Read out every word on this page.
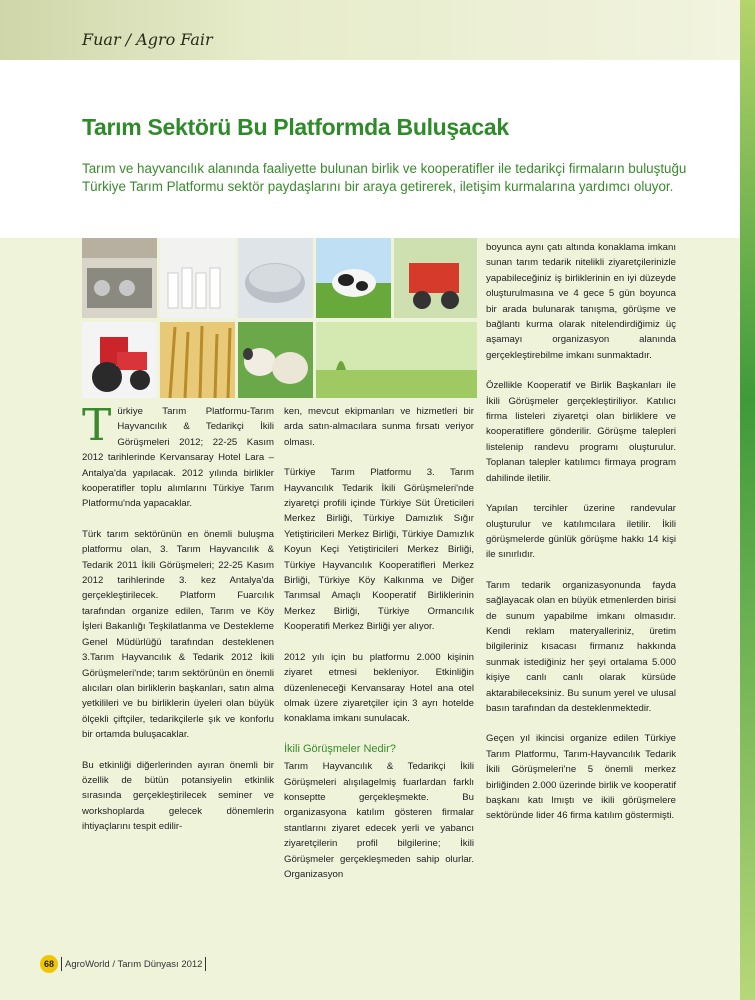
Fuar / Agro Fair
Tarım Sektörü Bu Platformda Buluşacak

Tarım ve hayvancılık alanında faaliyette bulunan birlik ve kooperatifler ile tedarikçi firmaların buluştuğu Türkiye Tarım Platformu sektör paydaşlarını bir araya getirerek, iletişim kurmalarına yardımcı oluyor.

Türkiye Tarım Platformu-Tarım Hayvancılık & Tedarikçi İkili Görüşmeleri 2012; 22-25 Kasım 2012 tarihlerinde Kervansaray Hotel Lara – Antalya'da yapılacak. 2012 yılında birlikler kooperatifler toplu alımlarını Türkiye Tarım Platformu'nda yapacaklar.

Türk tarım sektörünün en önemli buluşma platformu olan, 3. Tarım Hayvancılık & Tedarik 2011 İkili Görüşmeleri; 22-25 Kasım 2012 tarihlerinde 3. kez Antalya'da gerçekleştirilecek. Platform Fuarcılık tarafından organize edilen, Tarım ve Köy İşleri Bakanlığı Teşkilatlanma ve Destekleme Genel Müdürlüğü tarafından desteklenen 3.Tarım Hayvancılık & Tedarik 2012 İkili Görüşmeleri'nde; tarım sektörünün en önemli alıcıları olan birliklerin başkanları, satın alma yetkilileri ve bu birliklerin üyeleri olan büyük ölçekli çiftçiler, tedarikçilerle şık ve konforlu bir ortamda buluşacaklar.

Bu etkinliği diğerlerinden ayıran önemli bir özellik de bütün potansiyelin etkinlik sırasında gerçekleştirilecek seminer ve workshoplarda gelecek dönemlerin ihtiyaçlarını tespit edilir-

ken, mevcut ekipmanları ve hizmetleri bir arda satın-almacılara sunma fırsatı veriyor olması.

Türkiye Tarım Platformu 3. Tarım Hayvancılık Tedarik İkili Görüşmeleri'nde ziyaretçi profili içinde Türkiye Süt Üreticileri Merkez Birliği, Türkiye Damızlık Sığır Yetiştiricileri Merkez Birliği, Türkiye Damızlık Koyun Keçi Yetiştiricileri Merkez Birliği, Türkiye Hayvancılık Kooperatifleri Merkez Birliği, Türkiye Köy Kalkınma ve Diğer Tarımsal Amaçlı Kooperatif Birliklerinin Merkez Birliği, Türkiye Ormancılık Kooperatifi Merkez Birliği yer alıyor.

2012 yılı için bu platformu 2.000 kişinin ziyaret etmesi bekleniyor. Etkinliğin düzenleneceği Kervansaray Hotel ana otel olmak üzere ziyaretçiler için 3 ayrı hotelde konaklama imkanı sunulacak.

İkili Görüşmeler Nedir?

Tarım Hayvancılık & Tedarikçi İkili Görüşmeleri alışılagelmiş fuarlardan farklı konseptte gerçekleşmekte. Bu organizasyona katılım gösteren firmalar stantlarını ziyaret edecek yerli ve yabancı ziyaretçilerin profil bilgilerine; İkili Görüşmeler gerçekleşmeden sahip olurlar. Organizasyon

boyunca aynı çatı altında konaklama imkanı sunan tarım tedarik nitelikli ziyaretçilerinizle yapabileceğiniz iş birliklerinin en iyi düzeyde oluşturulmasına ve 4 gece 5 gün boyunca bir arada bulunarak tanışma, görüşme ve bağlantı kurma olarak nitelendirdiğimiz üç aşamayı organizasyon alanında gerçekleştirebilme imkanı sunmaktadır.

Özellikle Kooperatif ve Birlik Başkanları ile İkili Görüşmeler gerçekleştiriliyor. Katılıcı firma listeleri ziyaretçi olan birliklere ve kooperatiflere gönderilir. Görüşme talepleri listelenip randevu programı oluşturulur. Toplanan talepler katılımcı firmaya program dahilinde iletilir.

Yapılan tercihler üzerine randevular oluşturulur ve katılımcılara iletilir. İkili görüşmelerde günlük görüşme hakkı 14 kişi ile sınırlıdır.

Tarım tedarik organizasyonunda fayda sağlayacak olan en büyük etmenlerden birisi de sunum yapabilme imkanı olmasıdır. Kendi reklam materyalleriniz, üretim bilgileriniz kısacası firmanız hakkında sunmak istediğiniz her şeyi ortalama 5.000 kişiye canlı canlı olarak kürsüde aktarabileceksiniz. Bu sunum yerel ve ulusal basın tarafından da desteklenmektedir.

Geçen yıl ikincisi organize edilen Türkiye Tarım Platformu, Tarım-Hayvancılık Tedarik İkili Görüşmeleri'ne 5 önemli merkez birliğinden 2.000 üzerinde birlik ve kooperatif başkanı katı lmıştı ve ikili görüşmelere sektöründe lider 46 firma katılım göstermişti.

68	AgroWorld / Tarım Dünyası 2012
